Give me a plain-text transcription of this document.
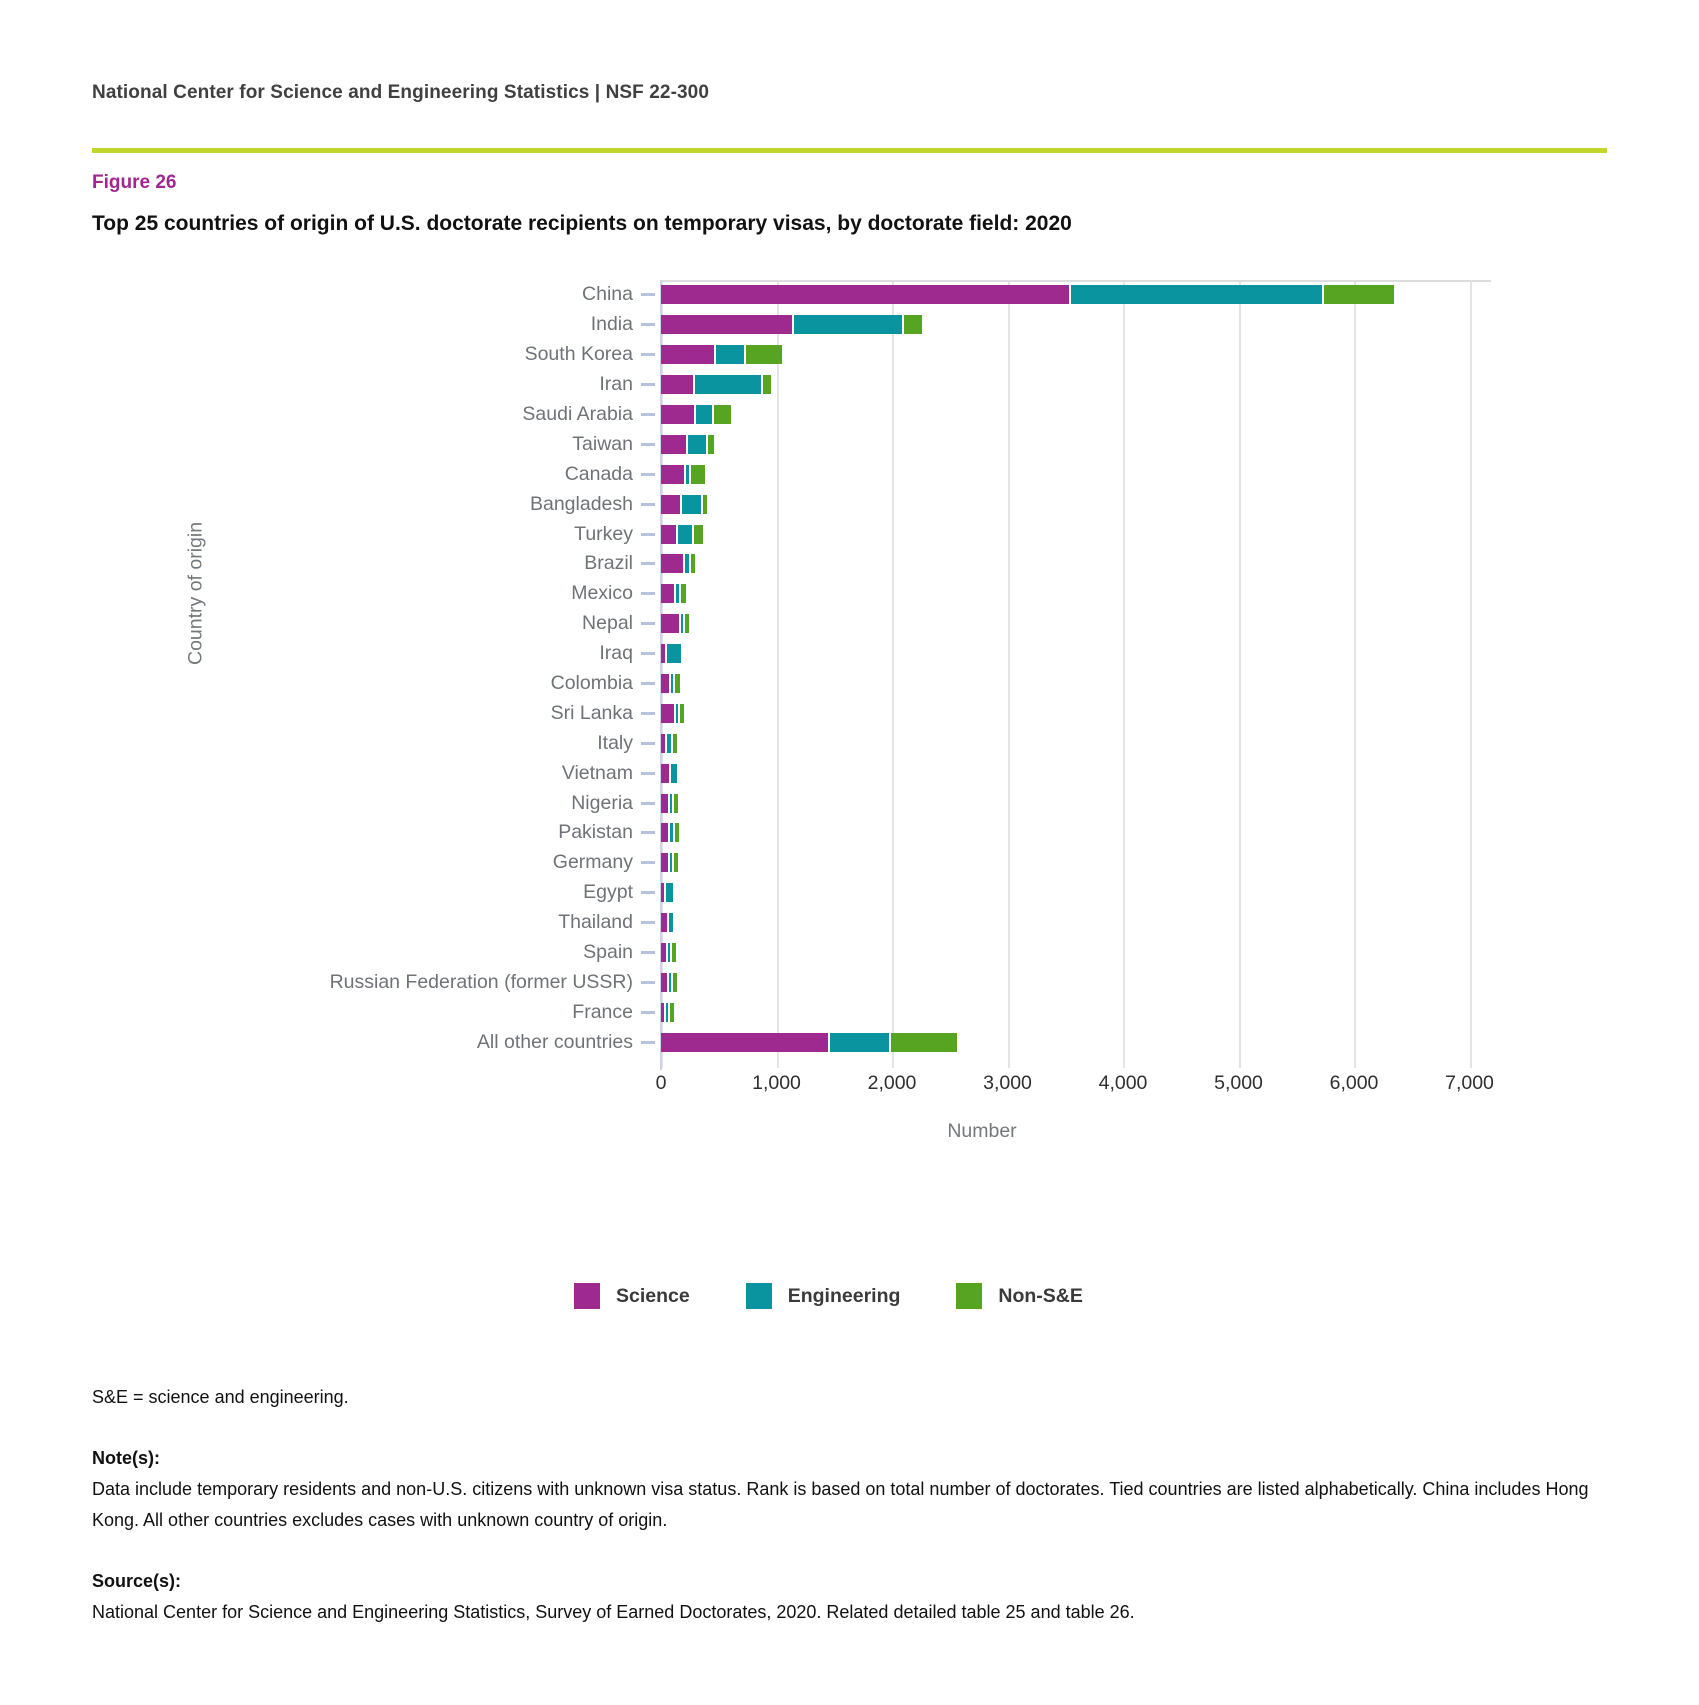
National Center for Science and Engineering Statistics | NSF 22-300
Figure 26
Top 25 countries of origin of U.S. doctorate recipients on temporary visas, by doctorate field: 2020
Country of origin
China
India
South Korea
Iran
Saudi Arabia
Taiwan
Canada
Bangladesh
Turkey
Brazil
Mexico
Nepal
Iraq
Colombia
Sri Lanka
Italy
Vietnam
Nigeria
Pakistan
Germany
Egypt
Thailand
Spain
Russian Federation (former USSR)
France
All other countries
Number
Science	Engineering	Non-S&E
S&E = science and engineering.
Note(s):
Data include temporary residents and non-U.S. citizens with unknown visa status. Rank is based on total number of doctorates. Tied countries are listed alphabetically. China includes Hong Kong. All other countries excludes cases with unknown country of origin.
Source(s):
National Center for Science and Engineering Statistics, Survey of Earned Doctorates, 2020. Related detailed table 25 and table 26.
0	1,000	2,000	3,000	4,000	5,000	6,000	7,000
